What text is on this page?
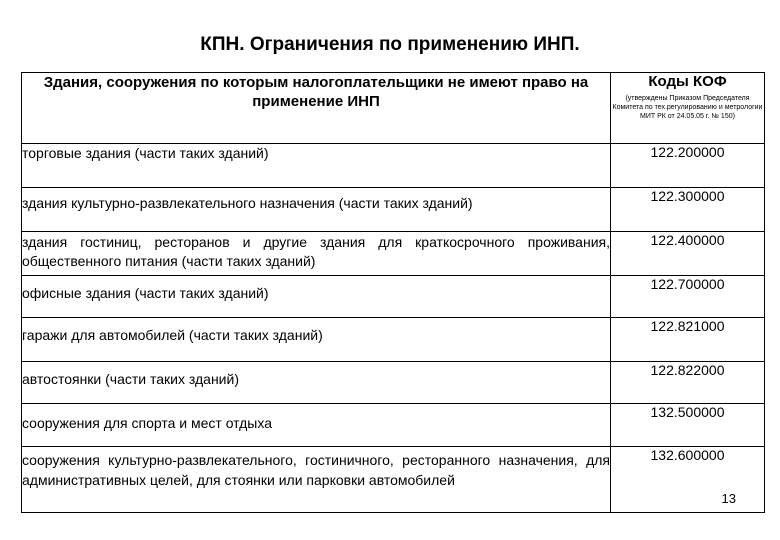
КПН. Ограничения по применению ИНП.
Здания, сооружения по которым налогоплательщики не имеют право на применение ИНП	Коды КОФ
(утверждены Приказом Председателя Комитета по тех.регулированию и метрологии МИТ РК от 24.05.05 г. № 150)

торговые здания (части таких зданий)	122.200000
здания культурно-развлекательного назначения (части таких зданий)	122.300000
здания гостиниц, ресторанов и другие здания для краткосрочного проживания, общественного питания (части таких зданий)	122.400000
офисные здания (части таких зданий)	122.700000
гаражи для автомобилей (части таких зданий)	122.821000
автостоянки (части таких зданий)	122.822000
сооружения для спорта и мест отдыха	132.500000
сооружения культурно-развлекательного, гостиничного, ресторанного назначения, для административных целей, для стоянки или парковки автомобилей	132.600000
13
